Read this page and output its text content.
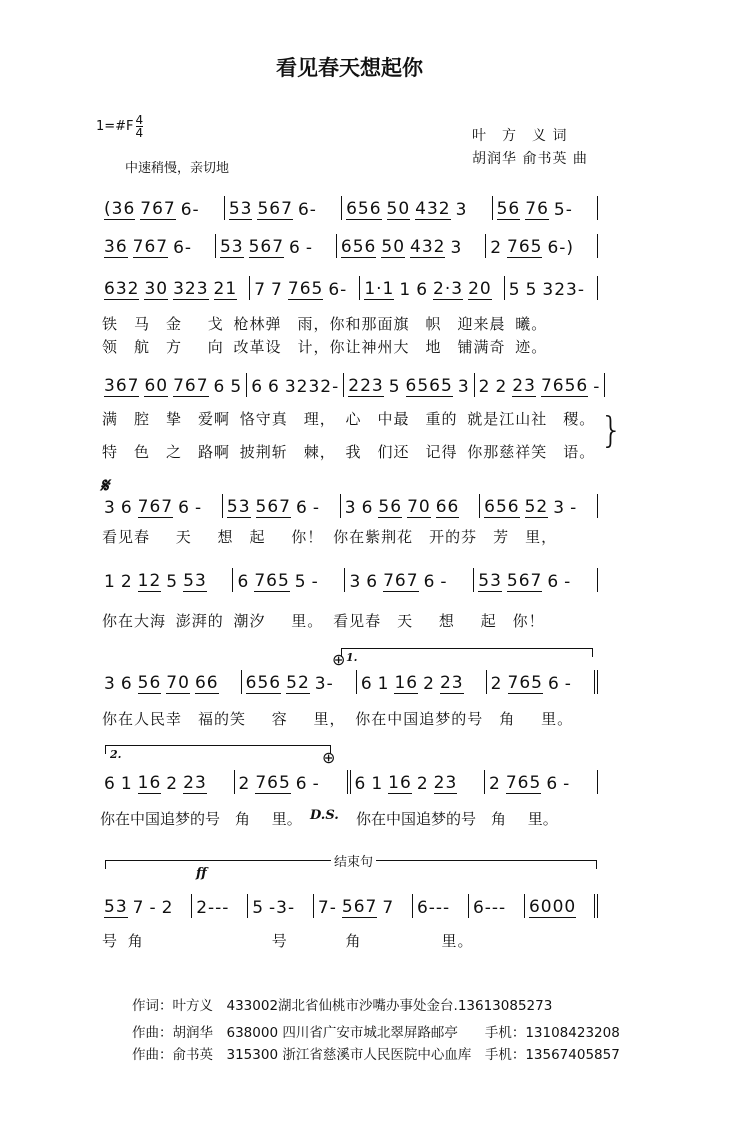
看见春天想起你
1=#F $\frac{4}{4}$	叶　方　义 词
胡润华 俞书英 曲
中速稍慢，亲切地
(36 767 6- 53 567 6- 656 50 432 3 56 76 5-
36 767 6- 53 567 6 - 656 50 432 3 2 765 6-)
632 30 323 21 7 7 765 6- 1·1 1 6 2·3 20 5 5 323-
367 60 767 6 5 6 6 3232- 223 5 6565 3 2 2 23 7656 -
3 6 767 6 - 53 567 6 - 3 6 56 70 66 656 52 3 -
1 2 12 5 53 6 765 5 - 3 6 767 6 - 53 567 6 -
3 6 56 70 66 656 52 3- 6 1 16 2 23 2 765 6 -
6 1 16 2 23 2 765 6 - 6 1 16 2 23 2 765 6 -
53 7 - 2 2--- 5 -3- 7- 567 7 6--- 6--- 6000
铁　马　金　 戈 枪林弹　雨，你和那面旗　帜　迎来晨 曦。
领　航　方　 向 改革设　计，你让神州大　地　铺满奇 迹。
满　腔　挚　爱啊 恪守真　理， 心　中最　重的 就是江山社　稷。
特　色　之　路啊 披荆斩　棘， 我　们还　记得 你那慈祥笑　语。
看见春　 天　 想　起　 你！ 你在紫荆花　开的芬　芳　里，
你在大海 澎湃的 潮汐　 里。 看见春　天　 想　 起　你！
你在人民幸　福的笑　 容　 里， 你在中国追梦的号　角　 里。
你在中国追梦的号　角　 里。	你在中国追梦的号　角　 里。
号 角　　　　　　　　号　　　 角　　　　　里。
𝄋
D.S.
ff
⊕
⊕
1.
2.
结束句
}
作词：叶方义　433002湖北省仙桃市沙嘴办事处金台.13613085273
作曲：胡润华　638000 四川省广安市城北翠屏路邮亭　　手机：13108423208
作曲：俞书英　315300 浙江省慈溪市人民医院中心血库　手机：13567405857
